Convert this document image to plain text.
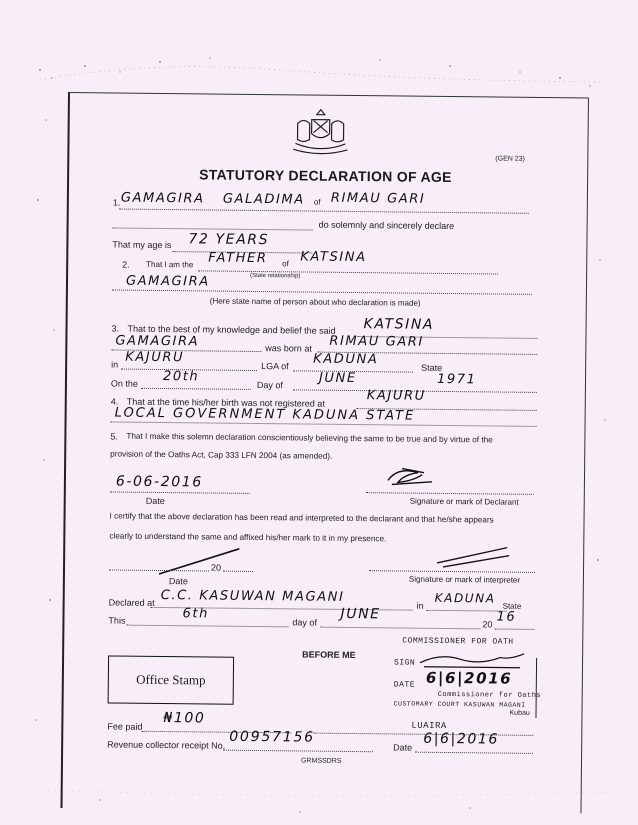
(GEN 23)
STATUTORY DECLARATION OF AGE
1. GAMAGIRA GALADIMA of RIMAU GARI
do solemnly and sincerely declare
That my age is 72 YEARS
2. That I am the FATHER of KATSINA
(State relationship)
GAMAGIRA
(Here state name of person about who declaration is made)
3. That to the best of my knowledge and belief the said KATSINA
GAMAGIRA	was born at RIMAU GARI
in KAJURU
LGA of KADUNA
State
On the 20th
Day of	JUNE	1971
4. That at the time his/her birth was not registered at	KAJURU
LOCAL GOVERNMENT KADUNA STATE
5. That I make this solemn declaration conscientiously believing the same to be true and by virtue of the
provision of the Oaths Act, Cap 333 LFN 2004 (as amended).
6-06-2016
Date	Signature or mark of Declarant
I certify that the above declaration has been read and interpreted to the declarant and that he/she appears
clearly to understand the same and affixed his/her mark to it in my presence.
20
Date	Signature or mark of interpreter
Declared at C.C. KASUWAN MAGANI
in
KADUNA
State
This	6th
day of
JUNE
20 16
BEFORE ME
COMMISSIONER FOR OATH
SIGN
DATE 6|6|2016
Commissioner for Oaths
CUSTOMARY COURT KASUWAN MAGANI
Kubau
LUAIRA
Office Stamp
Fee paid
₦100
Revenue collector receipt No. 00957156
Date 6|6|2016
GRMSSDRS
